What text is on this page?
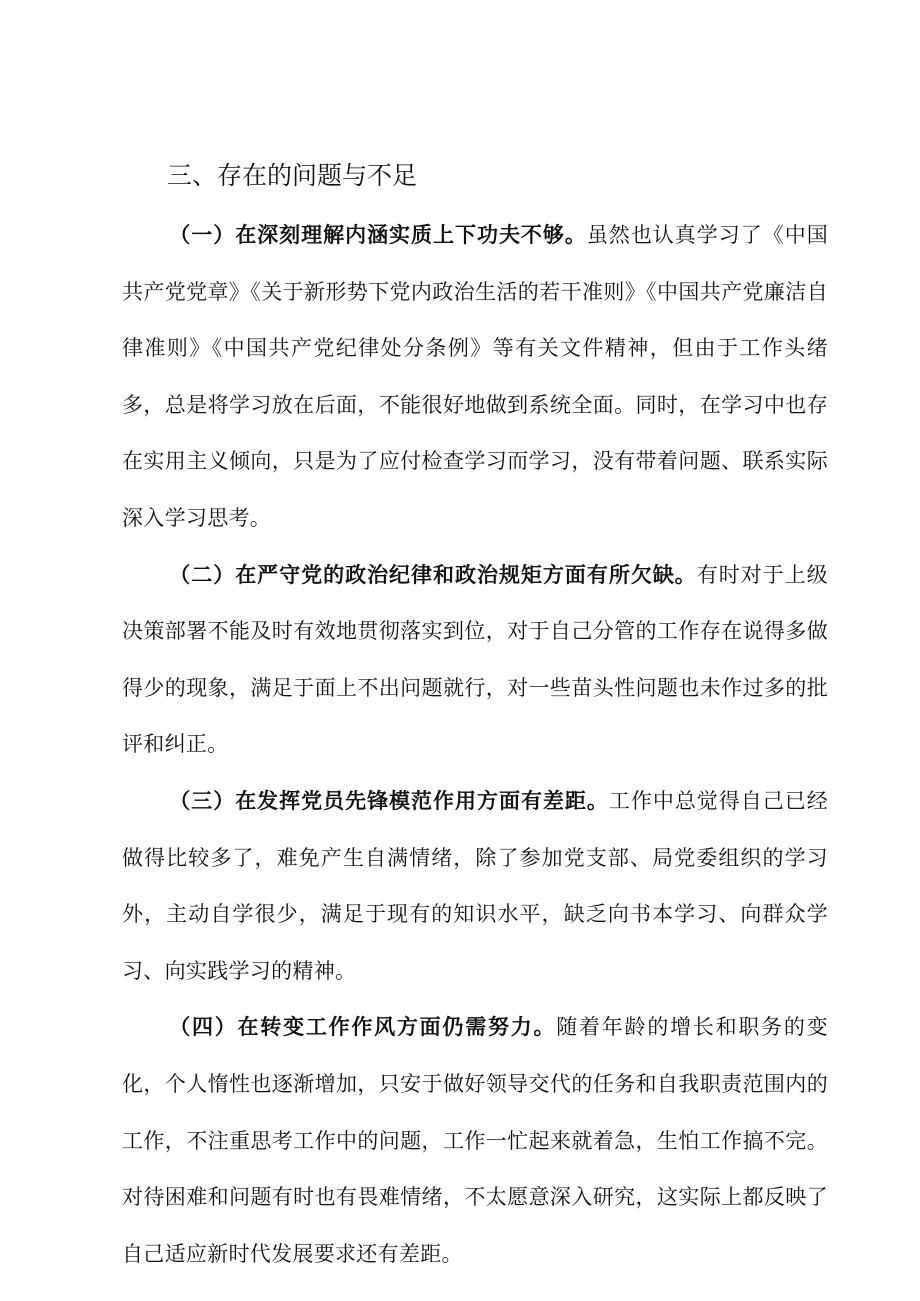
三、存在的问题与不足

（一）在深刻理解内涵实质上下功夫不够。虽然也认真学习了《中国共产党党章》《关于新形势下党内政治生活的若干准则》《中国共产党廉洁自律准则》《中国共产党纪律处分条例》等有关文件精神，但由于工作头绪多，总是将学习放在后面，不能很好地做到系统全面。同时，在学习中也存在实用主义倾向，只是为了应付检查学习而学习，没有带着问题、联系实际深入学习思考。

（二）在严守党的政治纪律和政治规矩方面有所欠缺。有时对于上级决策部署不能及时有效地贯彻落实到位，对于自己分管的工作存在说得多做得少的现象，满足于面上不出问题就行，对一些苗头性问题也未作过多的批评和纠正。

（三）在发挥党员先锋模范作用方面有差距。工作中总觉得自己已经做得比较多了，难免产生自满情绪，除了参加党支部、局党委组织的学习外，主动自学很少，满足于现有的知识水平，缺乏向书本学习、向群众学习、向实践学习的精神。

（四）在转变工作作风方面仍需努力。随着年龄的增长和职务的变化，个人惰性也逐渐增加，只安于做好领导交代的任务和自我职责范围内的工作，不注重思考工作中的问题，工作一忙起来就着急，生怕工作搞不完。对待困难和问题有时也有畏难情绪，不太愿意深入研究，这实际上都反映了自己适应新时代发展要求还有差距。
